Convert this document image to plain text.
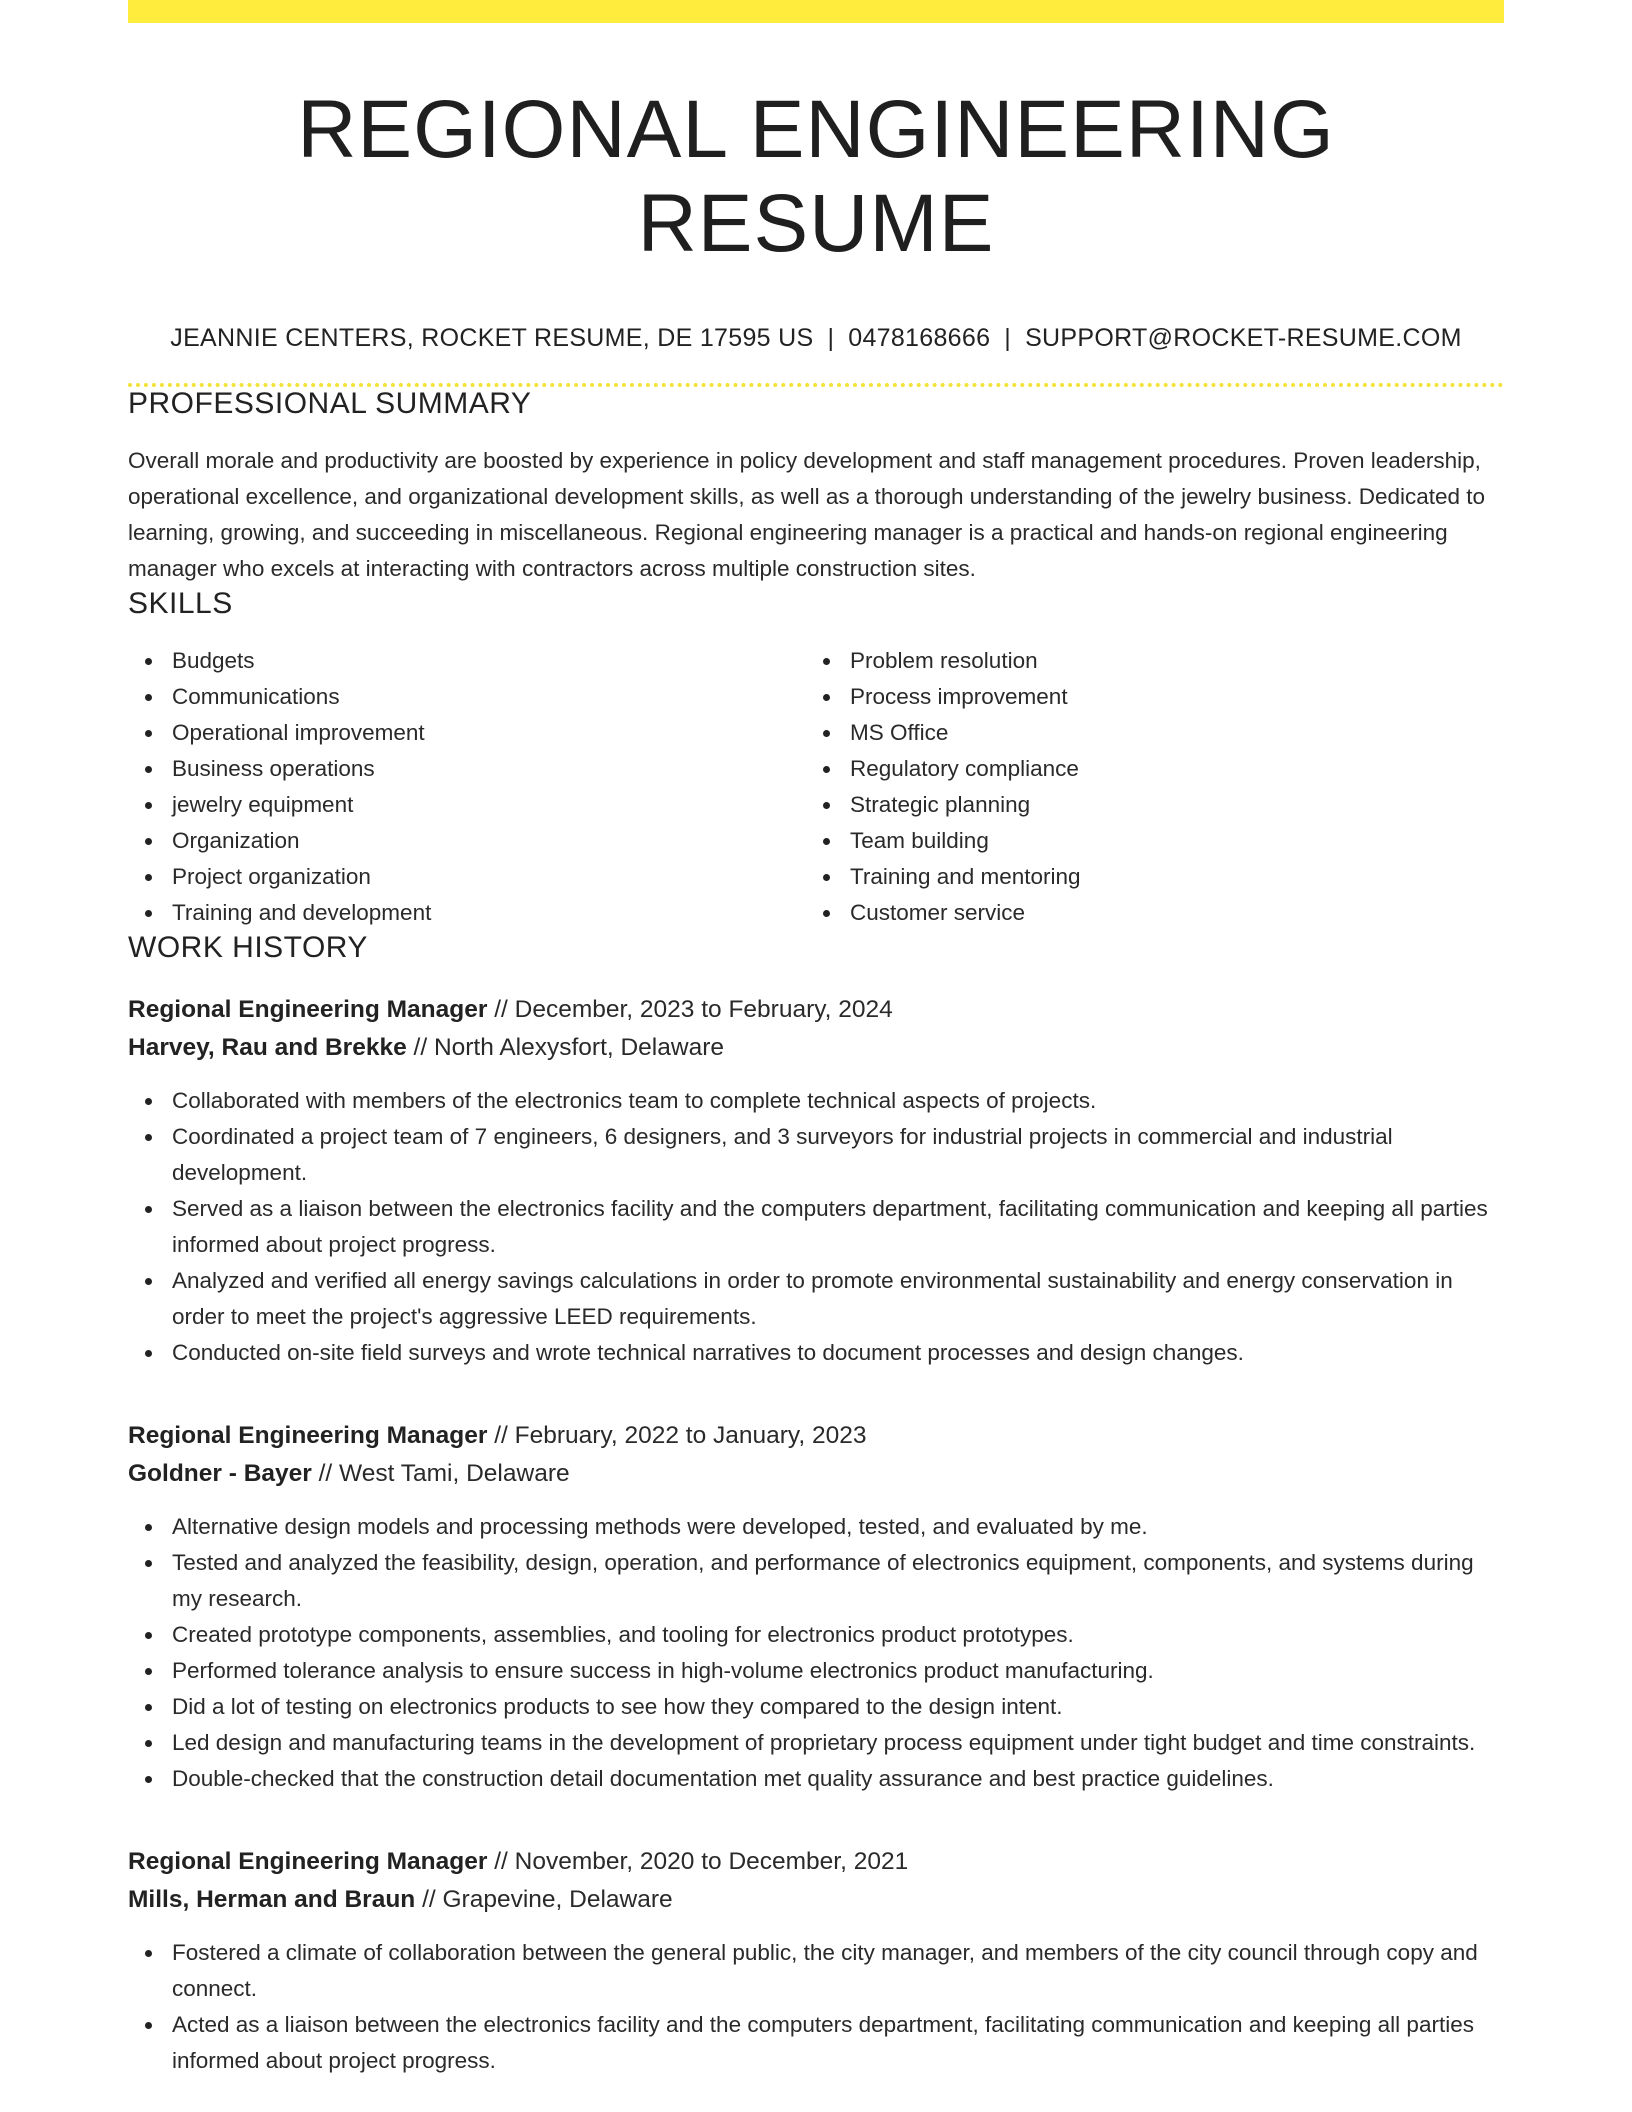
REGIONAL ENGINEERING RESUME
JEANNIE CENTERS, ROCKET RESUME, DE 17595 US | 0478168666 | SUPPORT@ROCKET-RESUME.COM
PROFESSIONAL SUMMARY

Overall morale and productivity are boosted by experience in policy development and staff management procedures. Proven leadership, operational excellence, and organizational development skills, as well as a thorough understanding of the jewelry business. Dedicated to learning, growing, and succeeding in miscellaneous. Regional engineering manager is a practical and hands-on regional engineering manager who excels at interacting with contractors across multiple construction sites.

SKILLS
Budgets
Communications
Operational improvement
Business operations
jewelry equipment
Organization
Project organization
Training and development
Problem resolution
Process improvement
MS Office
Regulatory compliance
Strategic planning
Team building
Training and mentoring
Customer service
WORK HISTORY
Regional Engineering Manager // December, 2023 to February, 2024
Harvey, Rau and Brekke // North Alexysfort, Delaware
Collaborated with members of the electronics team to complete technical aspects of projects.
Coordinated a project team of 7 engineers, 6 designers, and 3 surveyors for industrial projects in commercial and industrial development.
Served as a liaison between the electronics facility and the computers department, facilitating communication and keeping all parties informed about project progress.
Analyzed and verified all energy savings calculations in order to promote environmental sustainability and energy conservation in order to meet the project's aggressive LEED requirements.
Conducted on-site field surveys and wrote technical narratives to document processes and design changes.
Regional Engineering Manager // February, 2022 to January, 2023
Goldner - Bayer // West Tami, Delaware
Alternative design models and processing methods were developed, tested, and evaluated by me.
Tested and analyzed the feasibility, design, operation, and performance of electronics equipment, components, and systems during my research.
Created prototype components, assemblies, and tooling for electronics product prototypes.
Performed tolerance analysis to ensure success in high-volume electronics product manufacturing.
Did a lot of testing on electronics products to see how they compared to the design intent.
Led design and manufacturing teams in the development of proprietary process equipment under tight budget and time constraints.
Double-checked that the construction detail documentation met quality assurance and best practice guidelines.
Regional Engineering Manager // November, 2020 to December, 2021
Mills, Herman and Braun // Grapevine, Delaware
Fostered a climate of collaboration between the general public, the city manager, and members of the city council through copy and connect.
Acted as a liaison between the electronics facility and the computers department, facilitating communication and keeping all parties informed about project progress.
